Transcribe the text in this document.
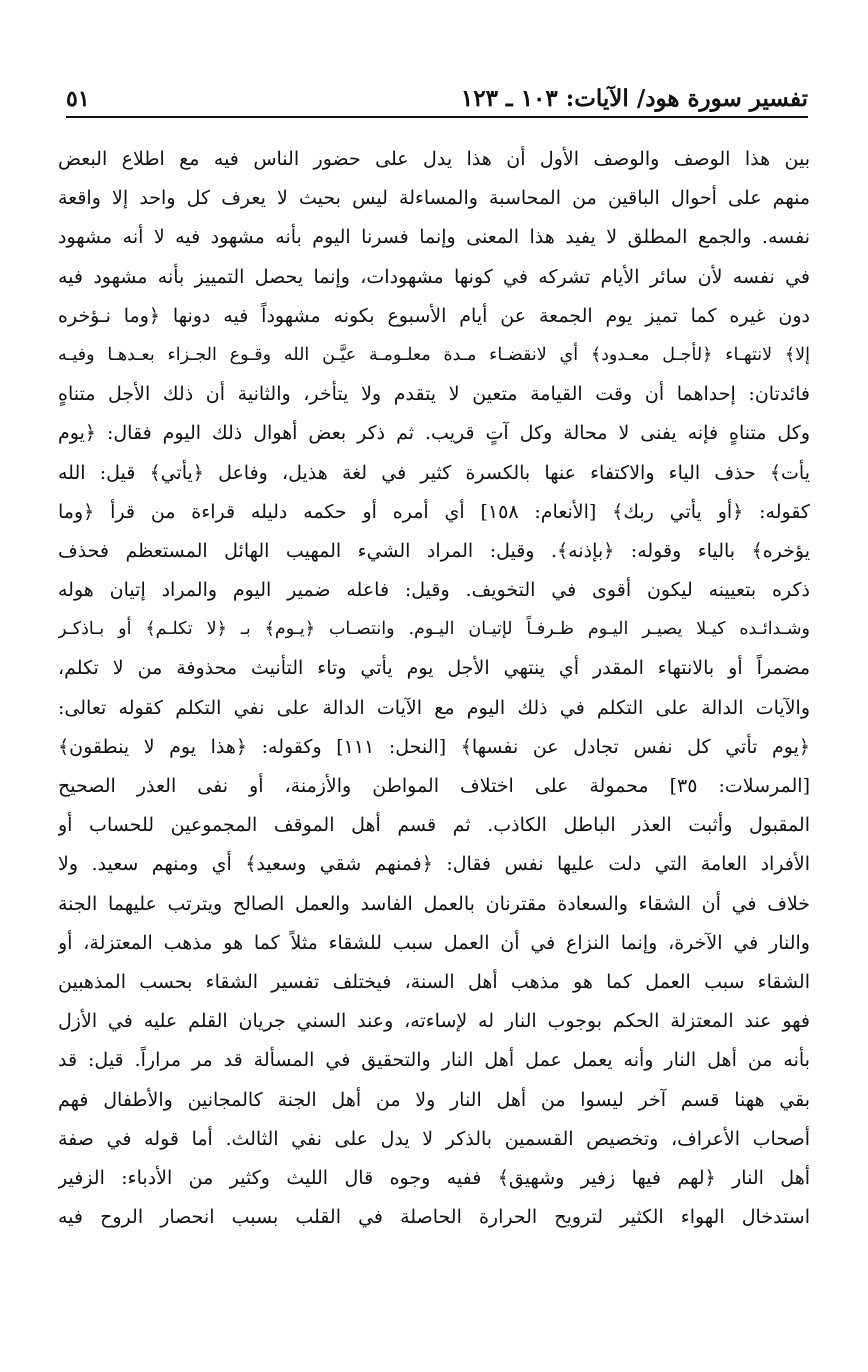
تفسير سورة هود/ الآيات: ١٠٣ ـ ١٢٣
٥١
بين هذا الوصف والوصف الأول أن هذا يدل على حضور الناس فيه مع اطلاع البعض
منهم على أحوال الباقين من المحاسبة والمساءلة ليس بحيث لا يعرف كل واحد إلا واقعة
نفسه. والجمع المطلق لا يفيد هذا المعنى وإنما فسرنا اليوم بأنه مشهود فيه لا أنه مشهود
في نفسه لأن سائر الأيام تشركه في كونها مشهودات، وإنما يحصل التمييز بأنه مشهود فيه
دون غيره كما تميز يوم الجمعة عن أيام الأسبوع بكونه مشهوداً فيه دونها ﴿وما نـؤخره
إلا﴾ لانتهـاء ﴿لأجـل معـدود﴾ أي لانقضـاء مـدة معلـومـة عيَّـن الله وقـوع الجـزاء بعـدهـا وفيـه
فائدتان: إحداهما أن وقت القيامة متعين لا يتقدم ولا يتأخر، والثانية أن ذلك الأجل متناهٍ
وكل متناهٍ فإنه يفنى لا محالة وكل آتٍ قريب. ثم ذكر بعض أهوال ذلك اليوم فقال: ﴿يوم
يأت﴾ حذف الياء والاكتفاء عنها بالكسرة كثير في لغة هذيل، وفاعل ﴿يأتي﴾ قيل: الله
كقوله: ﴿أو يأتي ربك﴾ [الأنعام: ١٥٨] أي أمره أو حكمه دليله قراءة من قرأ ﴿وما
يؤخره﴾ بالياء وقوله: ﴿بإذنه﴾. وقيل: المراد الشيء المهيب الهائل المستعظم فحذف
ذكره بتعيينه ليكون أقوى في التخويف. وقيل: فاعله ضمير اليوم والمراد إتيان هوله
وشـدائـده كيـلا يصيـر اليـوم ظـرفـاً لإتيـان اليـوم. وانتصـاب ﴿يـوم﴾ بـ ﴿لا تكلـم﴾ أو بـاذكـر
مضمراً أو بالانتهاء المقدر أي ينتهي الأجل يوم يأتي وتاء التأنيث محذوفة من لا تكلم،
والآيات الدالة على التكلم في ذلك اليوم مع الآيات الدالة على نفي التكلم كقوله تعالى:
﴿يوم تأتي كل نفس تجادل عن نفسها﴾ [النحل: ١١١] وكقوله: ﴿هذا يوم لا ينطقون﴾
[المرسلات: ٣٥] محمولة على اختلاف المواطن والأزمنة، أو نفى العذر الصحيح
المقبول وأثبت العذر الباطل الكاذب. ثم قسم أهل الموقف المجموعين للحساب أو
الأفراد العامة التي دلت عليها نفس فقال: ﴿فمنهم شقي وسعيد﴾ أي ومنهم سعيد. ولا
خلاف في أن الشقاء والسعادة مقترنان بالعمل الفاسد والعمل الصالح ويترتب عليهما الجنة
والنار في الآخرة، وإنما النزاع في أن العمل سبب للشقاء مثلاً كما هو مذهب المعتزلة، أو
الشقاء سبب العمل كما هو مذهب أهل السنة، فيختلف تفسير الشقاء بحسب المذهبين
فهو عند المعتزلة الحكم بوجوب النار له لإساءته، وعند السني جريان القلم عليه في الأزل
بأنه من أهل النار وأنه يعمل عمل أهل النار والتحقيق في المسألة قد مر مراراً. قيل: قد
بقي ههنا قسم آخر ليسوا من أهل النار ولا من أهل الجنة كالمجانين والأطفال فهم
أصحاب الأعراف، وتخصيص القسمين بالذكر لا يدل على نفي الثالث. أما قوله في صفة
أهل النار ﴿لهم فيها زفير وشهيق﴾ ففيه وجوه قال الليث وكثير من الأدباء: الزفير
استدخال الهواء الكثير لترويح الحرارة الحاصلة في القلب بسبب انحصار الروح فيه
